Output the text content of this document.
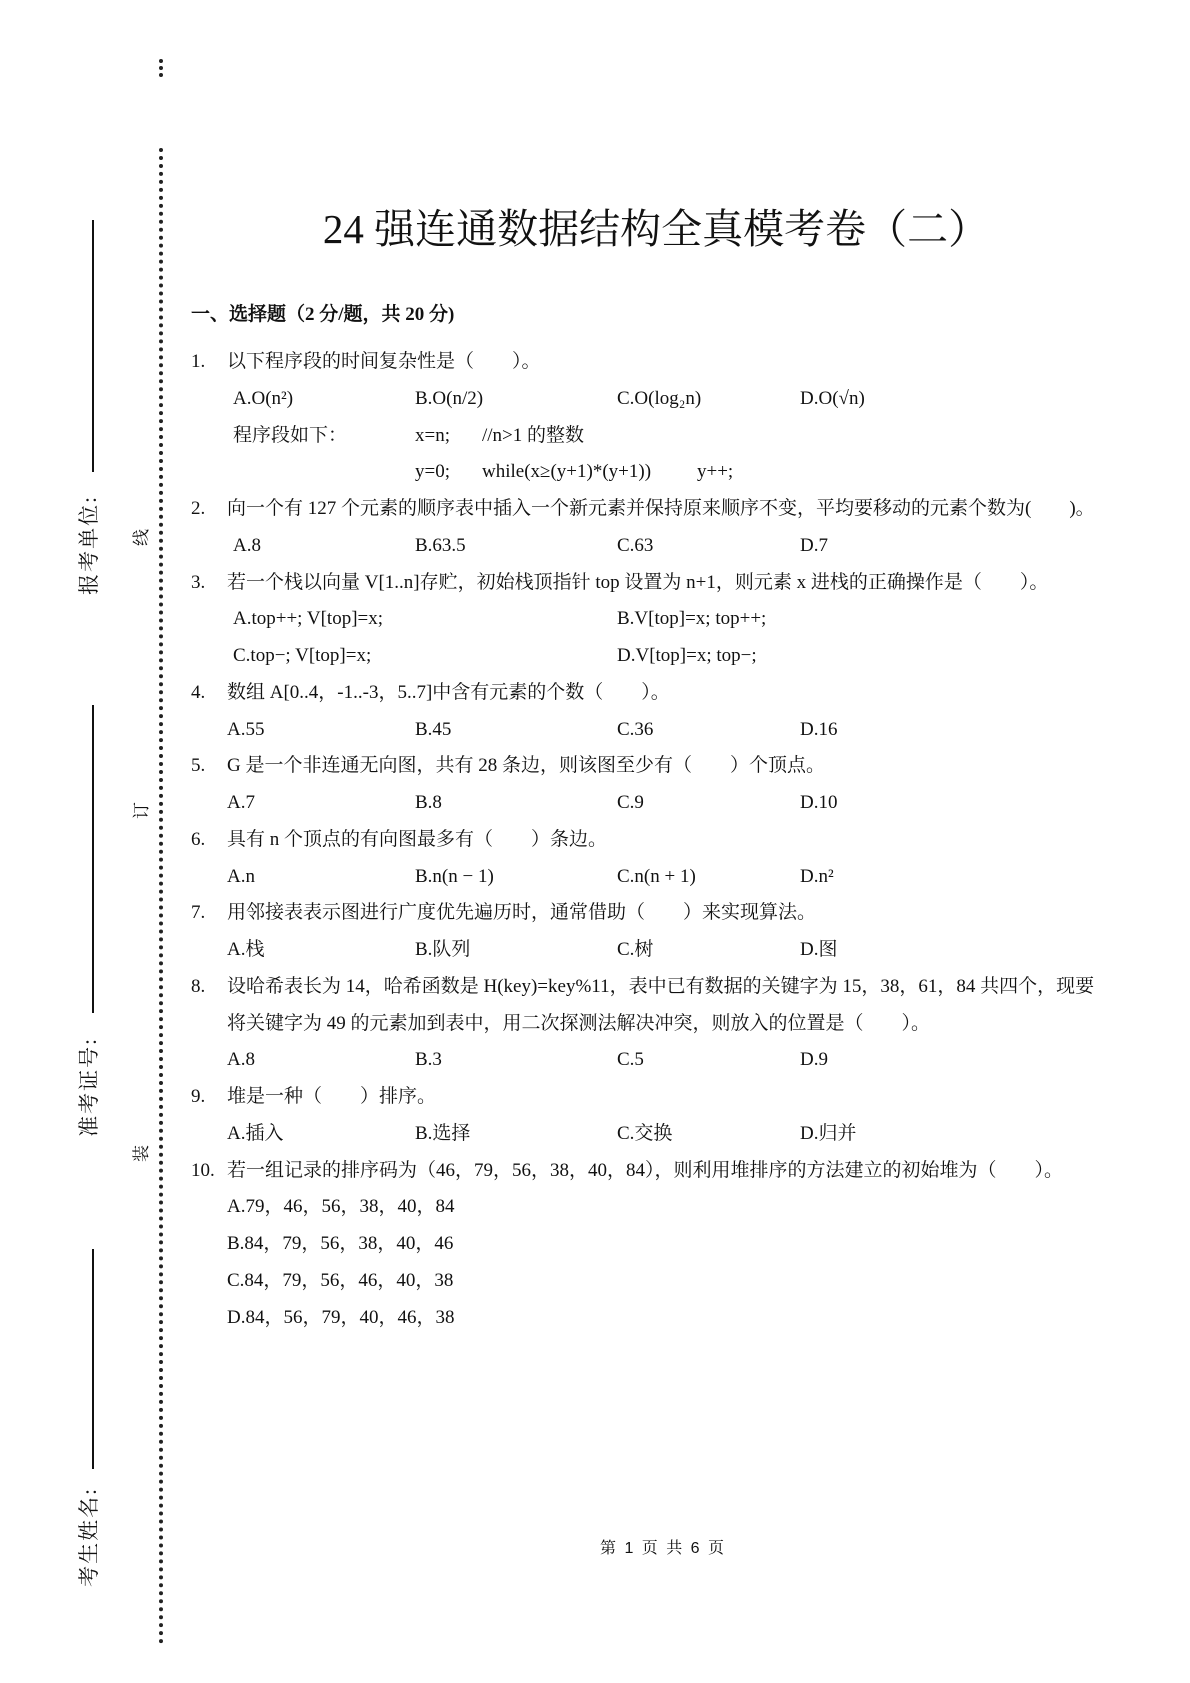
报考单位:
准考证号:
考生姓名:
线
订
装
24 强连通数据结构全真模考卷（二）
一、选择题（2 分/题，共 20 分)
1. 以下程序段的时间复杂性是（　　）。
A.O(n²)	B.O(n/2)	C.O(log₂n)	D.O(√n)
程序段如下：	x=n; //n>1 的整数
y=0; while(x≥(y+1)*(y+1)) y++;
2. 向一个有 127 个元素的顺序表中插入一个新元素并保持原来顺序不变，平均要移动的元素个数为(　　)。
A.8	B.63.5	C.63	D.7
3. 若一个栈以向量 V[1..n]存贮，初始栈顶指针 top 设置为 n+1，则元素 x 进栈的正确操作是（　　）。
A.top++; V[top]=x;	B.V[top]=x; top++;
C.top−; V[top]=x;	D.V[top]=x; top−;
4. 数组 A[0..4，-1..-3，5..7]中含有元素的个数（　　）。
A.55	B.45	C.36	D.16
5. G 是一个非连通无向图，共有 28 条边，则该图至少有（　　）个顶点。
A.7	B.8	C.9	D.10
6. 具有 n 个顶点的有向图最多有（　　）条边。
A.n	B.n(n − 1)	C.n(n + 1)	D.n²
7. 用邻接表表示图进行广度优先遍历时，通常借助（　　）来实现算法。
A.栈	B.队列	C.树	D.图
8. 设哈希表长为 14，哈希函数是 H(key)=key%11，表中已有数据的关键字为 15，38，61，84 共四个，现要
将关键字为 49 的元素加到表中，用二次探测法解决冲突，则放入的位置是（　　）。
A.8	B.3	C.5	D.9
9. 堆是一种（　　）排序。
A.插入	B.选择	C.交换	D.归并
10. 若一组记录的排序码为（46，79，56，38，40，84），则利用堆排序的方法建立的初始堆为（　　）。
A.79，46，56，38，40，84
B.84，79，56，38，40，46
C.84，79，56，46，40，38
D.84，56，79，40，46，38
第 1 页 共 6 页
